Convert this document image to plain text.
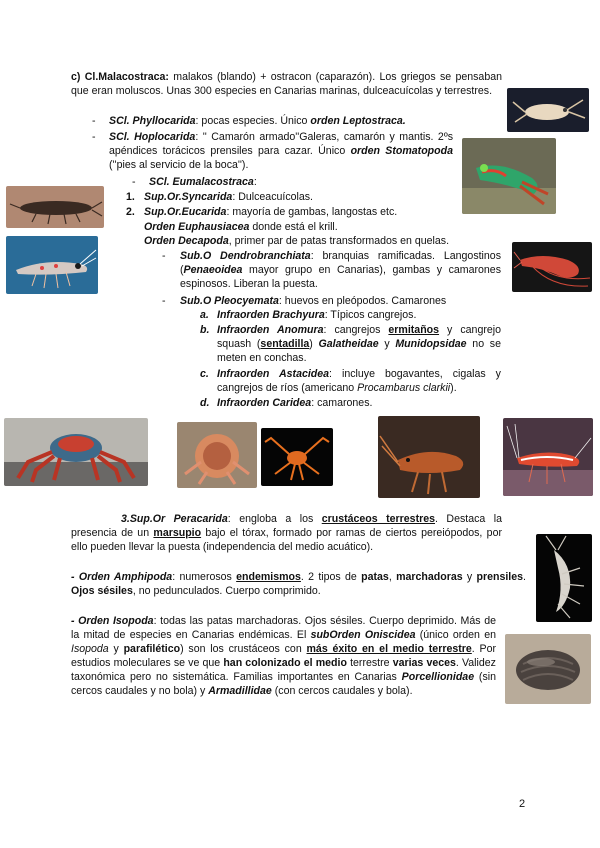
c) Cl.Malacostraca: malakos (blando) + ostracon (caparazón). Los griegos se pensaban que eran moluscos. Unas 300 especies en Canarias marinas, dulceacuícolas y terrestres.
- SCl. Phyllocarida: pocas especies. Único orden Leptostraca.
- SCl. Hoplocarida: '' Camarón armado''Galeras, camarón y mantis. 2ºs apéndices torácicos prensiles para cazar. Único orden Stomatopoda (''pies al servicio de la boca'').
- SCl. Eumalacostraca:
1. Sup.Or.Syncarida: Dulceacuícolas.
2. Sup.Or.Eucarida: mayoría de gambas, langostas etc.
Orden Euphausiacea donde está el krill.
Orden Decapoda, primer par de patas transformados en quelas.
- Sub.O Dendrobranchiata: branquias ramificadas. Langostinos (Penaeoidea mayor grupo en Canarias), gambas y camarones espinosos. Liberan la puesta.
- Sub.O Pleocyemata: huevos en pleópodos. Camarones
a. Infraorden Brachyura: Típicos cangrejos.
b. Infraorden Anomura: cangrejos ermitaños y cangrejo squash (sentadilla) Galatheidae y Munidopsidae no se meten en conchas.
c. Infraorden Astacidea: incluye bogavantes, cigalas y cangrejos de ríos (americano Procambarus clarkii).
d. Infraorden Caridea: camarones.
3.Sup.Or Peracarida: engloba a los crustáceos terrestres. Destaca la presencia de un marsupio bajo el tórax, formado por ramas de ciertos pereiópodos, por ello pueden llevar la puesta (independencia del medio acuático).
- Orden Amphipoda: numerosos endemismos. 2 tipos de patas, marchadoras y prensiles. Ojos sésiles, no pedunculados. Cuerpo comprimido.
- Orden Isopoda: todas las patas marchadoras. Ojos sésiles. Cuerpo deprimido. Más de la mitad de especies en Canarias endémicas. El subOrden Oniscidea (único orden en Isopoda y parafilético) son los crustáceos con más éxito en el medio terrestre. Por estudios moleculares se ve que han colonizado el medio terrestre varias veces. Validez taxonómica pero no sistemática. Familias importantes en Canarias Porcellionidae (sin cercos caudales y no bola) y Armadillidae (con cercos caudales y bola).
2
